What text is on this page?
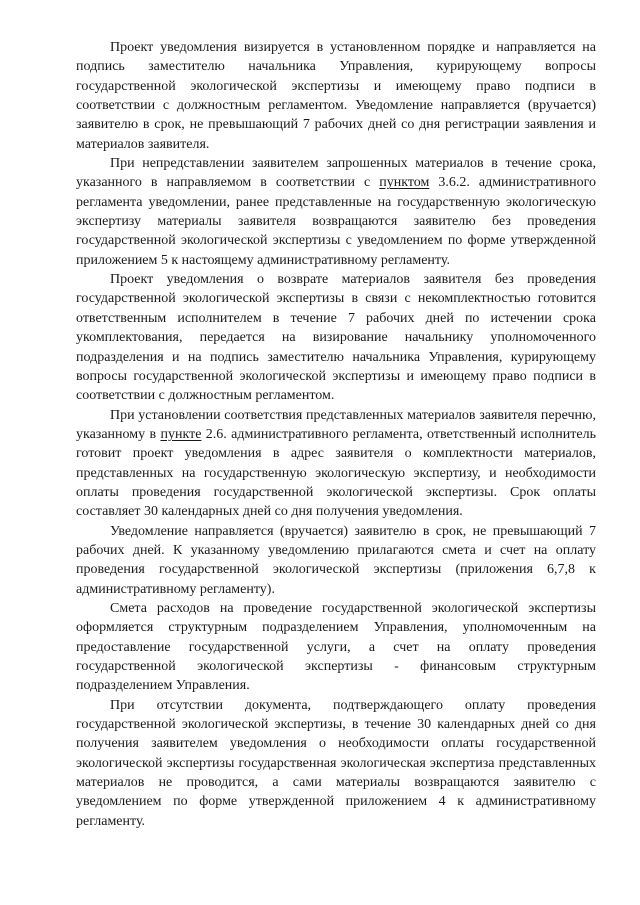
Проект уведомления визируется в установленном порядке и направляется на подпись заместителю начальника Управления, курирующему вопросы государственной экологической экспертизы и имеющему право подписи в соответствии с должностным регламентом. Уведомление направляется (вручается) заявителю в срок, не превышающий 7 рабочих дней со дня регистрации заявления и материалов заявителя.

При непредставлении заявителем запрошенных материалов в течение срока, указанного в направляемом в соответствии с пунктом 3.6.2. административного регламента уведомлении, ранее представленные на государственную экологическую экспертизу материалы заявителя возвращаются заявителю без проведения государственной экологической экспертизы с уведомлением по форме утвержденной приложением 5 к настоящему административному регламенту.

Проект уведомления о возврате материалов заявителя без проведения государственной экологической экспертизы в связи с некомплектностью готовится ответственным исполнителем в течение 7 рабочих дней по истечении срока укомплектования, передается на визирование начальнику уполномоченного подразделения и на подпись заместителю начальника Управления, курирующему вопросы государственной экологической экспертизы и имеющему право подписи в соответствии с должностным регламентом.

При установлении соответствия представленных материалов заявителя перечню, указанному в пункте 2.6. административного регламента, ответственный исполнитель готовит проект уведомления в адрес заявителя о комплектности материалов, представленных на государственную экологическую экспертизу, и необходимости оплаты проведения государственной экологической экспертизы. Срок оплаты составляет 30 календарных дней со дня получения уведомления.

Уведомление направляется (вручается) заявителю в срок, не превышающий 7 рабочих дней. К указанному уведомлению прилагаются смета и счет на оплату проведения государственной экологической экспертизы (приложения 6,7,8 к административному регламенту).

Смета расходов на проведение государственной экологической экспертизы оформляется структурным подразделением Управления, уполномоченным на предоставление государственной услуги, а счет на оплату проведения государственной экологической экспертизы - финансовым структурным подразделением Управления.

При отсутствии документа, подтверждающего оплату проведения государственной экологической экспертизы, в течение 30 календарных дней со дня получения заявителем уведомления о необходимости оплаты государственной экологической экспертизы государственная экологическая экспертиза представленных материалов не проводится, а сами материалы возвращаются заявителю с уведомлением по форме утвержденной приложением 4 к административному регламенту.
